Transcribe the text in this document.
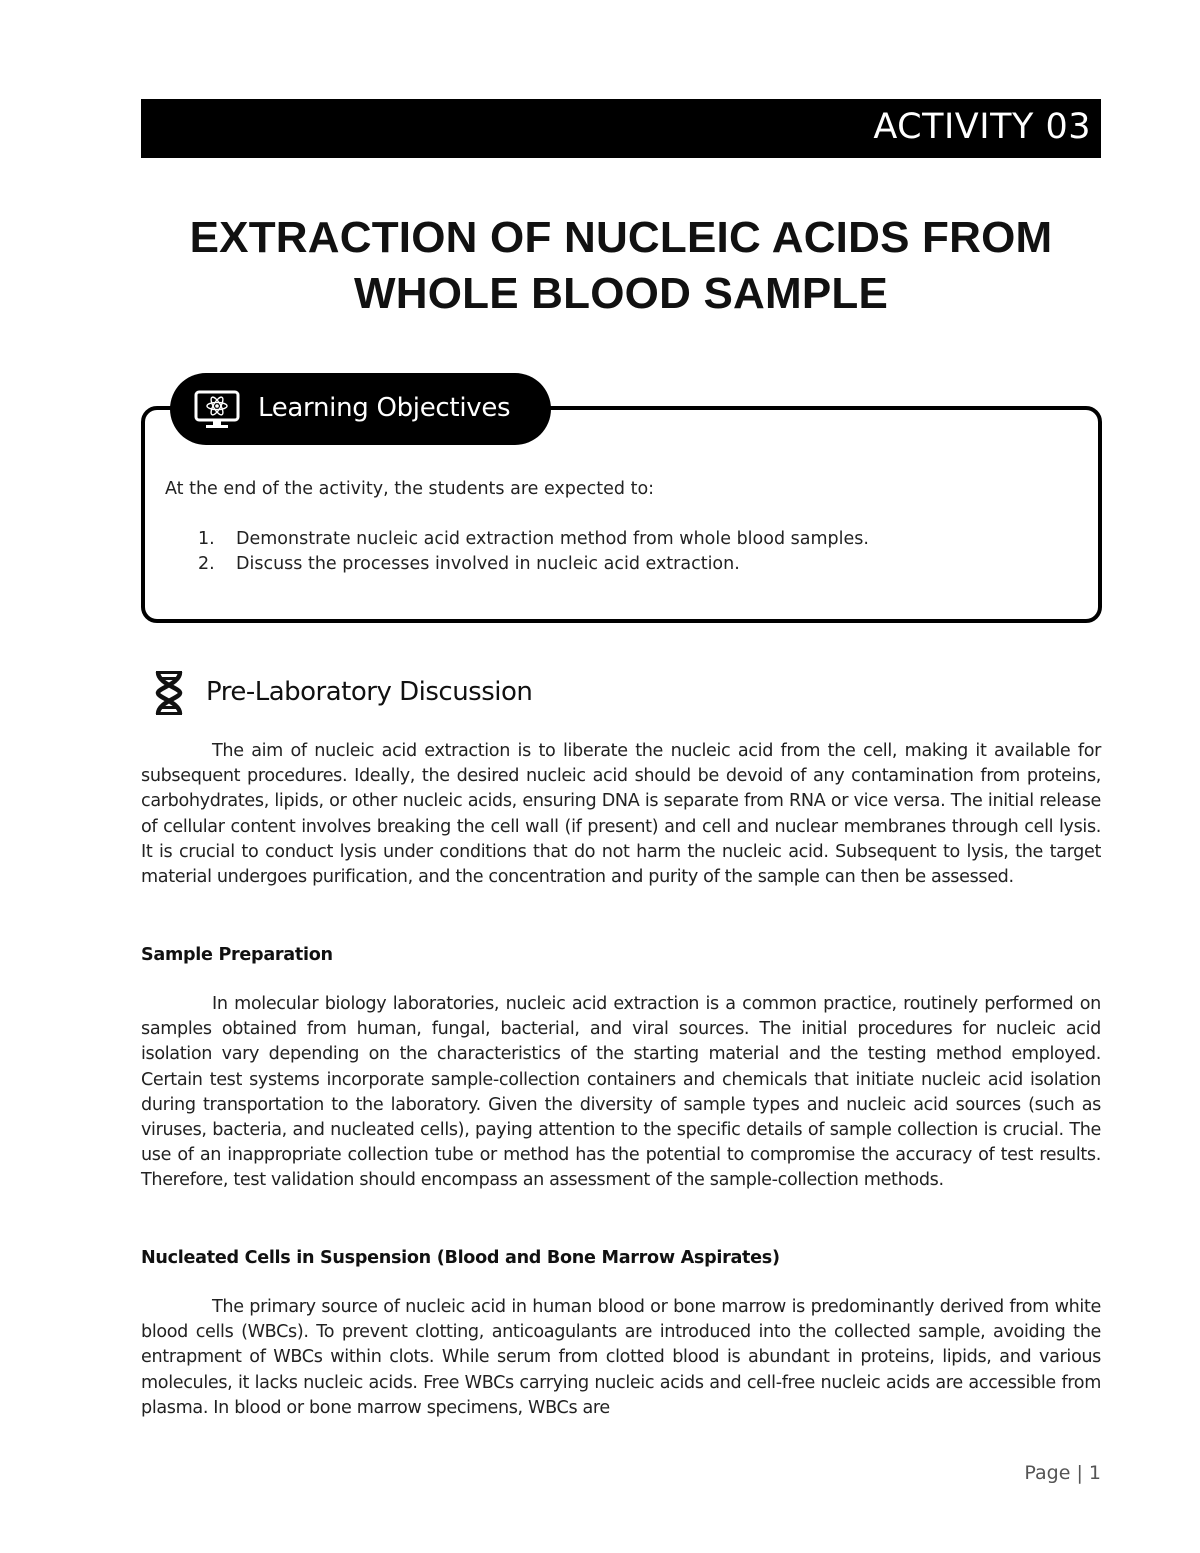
ACTIVITY 03
EXTRACTION OF NUCLEIC ACIDS FROM
WHOLE BLOOD SAMPLE
Learning Objectives
At the end of the activity, the students are expected to:
1. Demonstrate nucleic acid extraction method from whole blood samples.
2. Discuss the processes involved in nucleic acid extraction.
Pre-Laboratory Discussion

The aim of nucleic acid extraction is to liberate the nucleic acid from the cell, making it available for subsequent procedures. Ideally, the desired nucleic acid should be devoid of any contamination from proteins, carbohydrates, lipids, or other nucleic acids, ensuring DNA is separate from RNA or vice versa. The initial release of cellular content involves breaking the cell wall (if present) and cell and nuclear membranes through cell lysis. It is crucial to conduct lysis under conditions that do not harm the nucleic acid. Subsequent to lysis, the target material undergoes purification, and the concentration and purity of the sample can then be assessed.

Sample Preparation

In molecular biology laboratories, nucleic acid extraction is a common practice, routinely performed on samples obtained from human, fungal, bacterial, and viral sources. The initial procedures for nucleic acid isolation vary depending on the characteristics of the starting material and the testing method employed. Certain test systems incorporate sample-collection containers and chemicals that initiate nucleic acid isolation during transportation to the laboratory. Given the diversity of sample types and nucleic acid sources (such as viruses, bacteria, and nucleated cells), paying attention to the specific details of sample collection is crucial. The use of an inappropriate collection tube or method has the potential to compromise the accuracy of test results. Therefore, test validation should encompass an assessment of the sample-collection methods.

Nucleated Cells in Suspension (Blood and Bone Marrow Aspirates)

The primary source of nucleic acid in human blood or bone marrow is predominantly derived from white blood cells (WBCs). To prevent clotting, anticoagulants are introduced into the collected sample, avoiding the entrapment of WBCs within clots. While serum from clotted blood is abundant in proteins, lipids, and various molecules, it lacks nucleic acids. Free WBCs carrying nucleic acids and cell-free nucleic acids are accessible from plasma. In blood or bone marrow specimens, WBCs are

Page | 1
